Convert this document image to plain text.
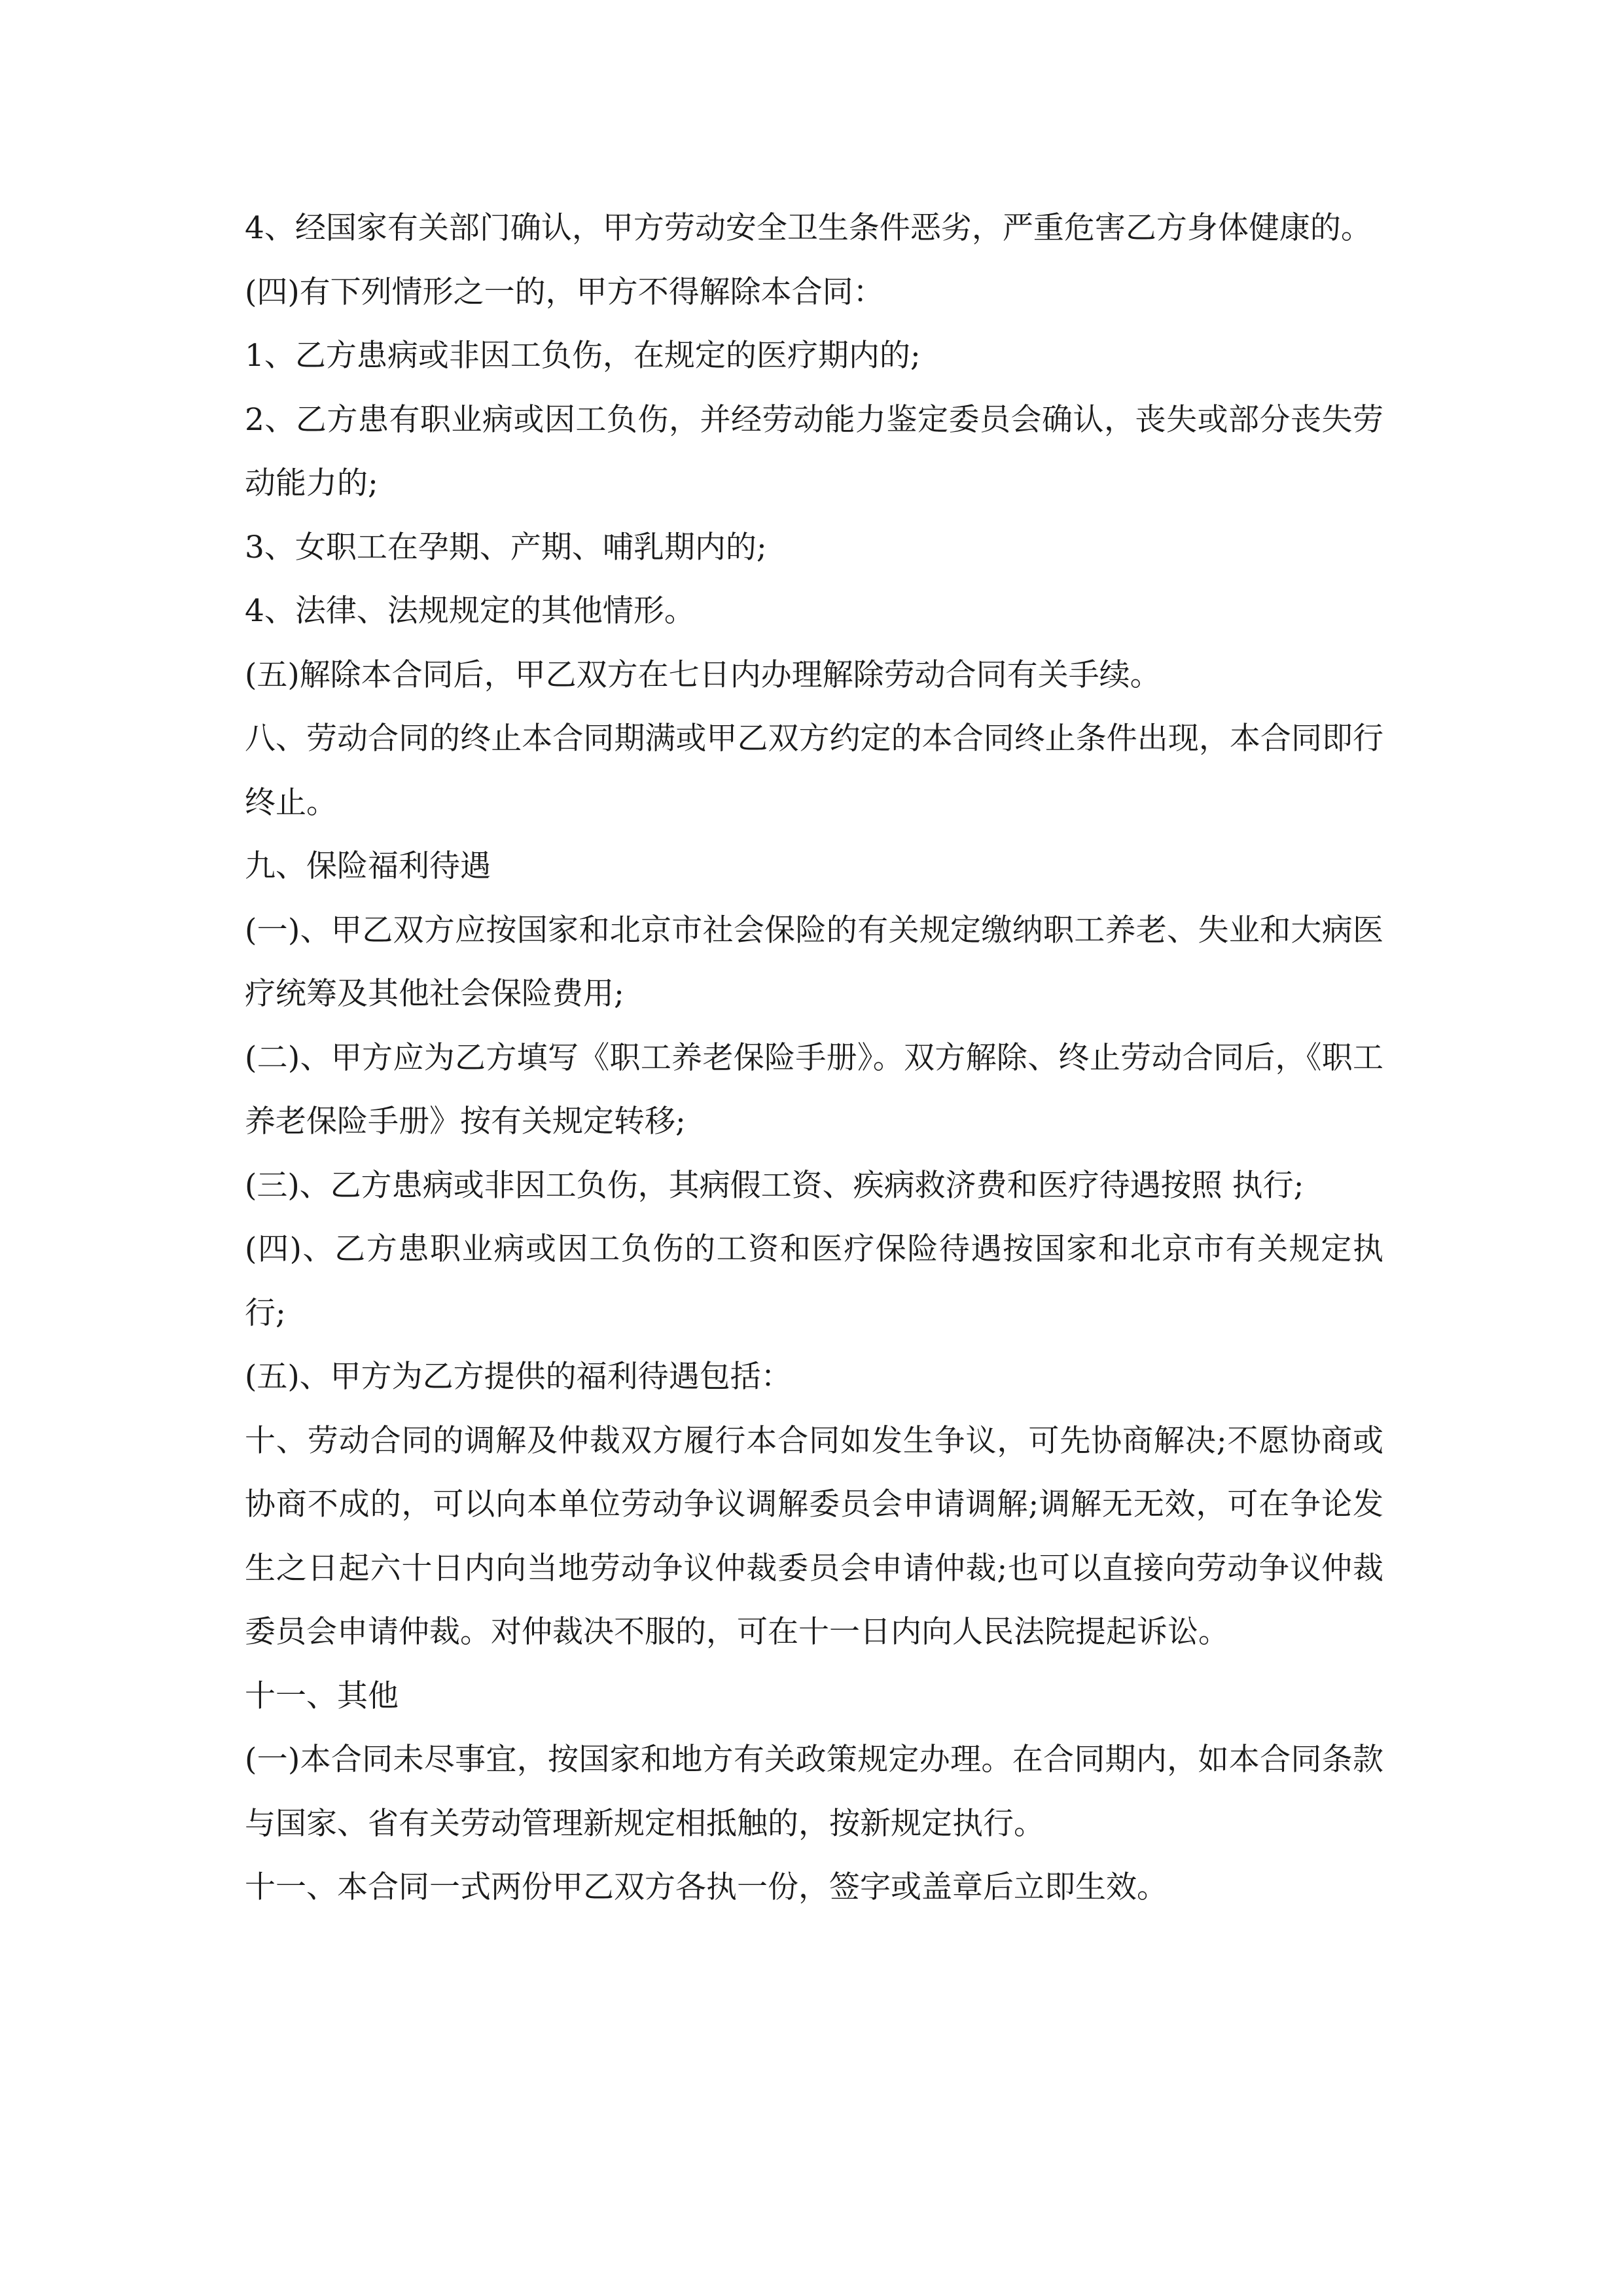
4、经国家有关部门确认，甲方劳动安全卫生条件恶劣，严重危害乙方身体健康的。

(四)有下列情形之一的，甲方不得解除本合同：

1、乙方患病或非因工负伤，在规定的医疗期内的;

2、乙方患有职业病或因工负伤，并经劳动能力鉴定委员会确认，丧失或部分丧失劳动能力的;

3、女职工在孕期、产期、哺乳期内的;

4、法律、法规规定的其他情形。

(五)解除本合同后，甲乙双方在七日内办理解除劳动合同有关手续。

八、劳动合同的终止本合同期满或甲乙双方约定的本合同终止条件出现，本合同即行终止。

九、保险福利待遇

(一)、甲乙双方应按国家和北京市社会保险的有关规定缴纳职工养老、失业和大病医疗统筹及其他社会保险费用;

(二)、甲方应为乙方填写《职工养老保险手册》。双方解除、终止劳动合同后，《职工养老保险手册》按有关规定转移;

(三)、乙方患病或非因工负伤，其病假工资、疾病救济费和医疗待遇按照 执行;

(四)、乙方患职业病或因工负伤的工资和医疗保险待遇按国家和北京市有关规定执行;

(五)、甲方为乙方提供的福利待遇包括：

十、劳动合同的调解及仲裁双方履行本合同如发生争议，可先协商解决;不愿协商或协商不成的，可以向本单位劳动争议调解委员会申请调解;调解无无效，可在争论发生之日起六十日内向当地劳动争议仲裁委员会申请仲裁;也可以直接向劳动争议仲裁委员会申请仲裁。对仲裁决不服的，可在十一日内向人民法院提起诉讼。

十一、其他

(一)本合同未尽事宜，按国家和地方有关政策规定办理。在合同期内，如本合同条款与国家、省有关劳动管理新规定相抵触的，按新规定执行。

十一、本合同一式两份甲乙双方各执一份，签字或盖章后立即生效。
